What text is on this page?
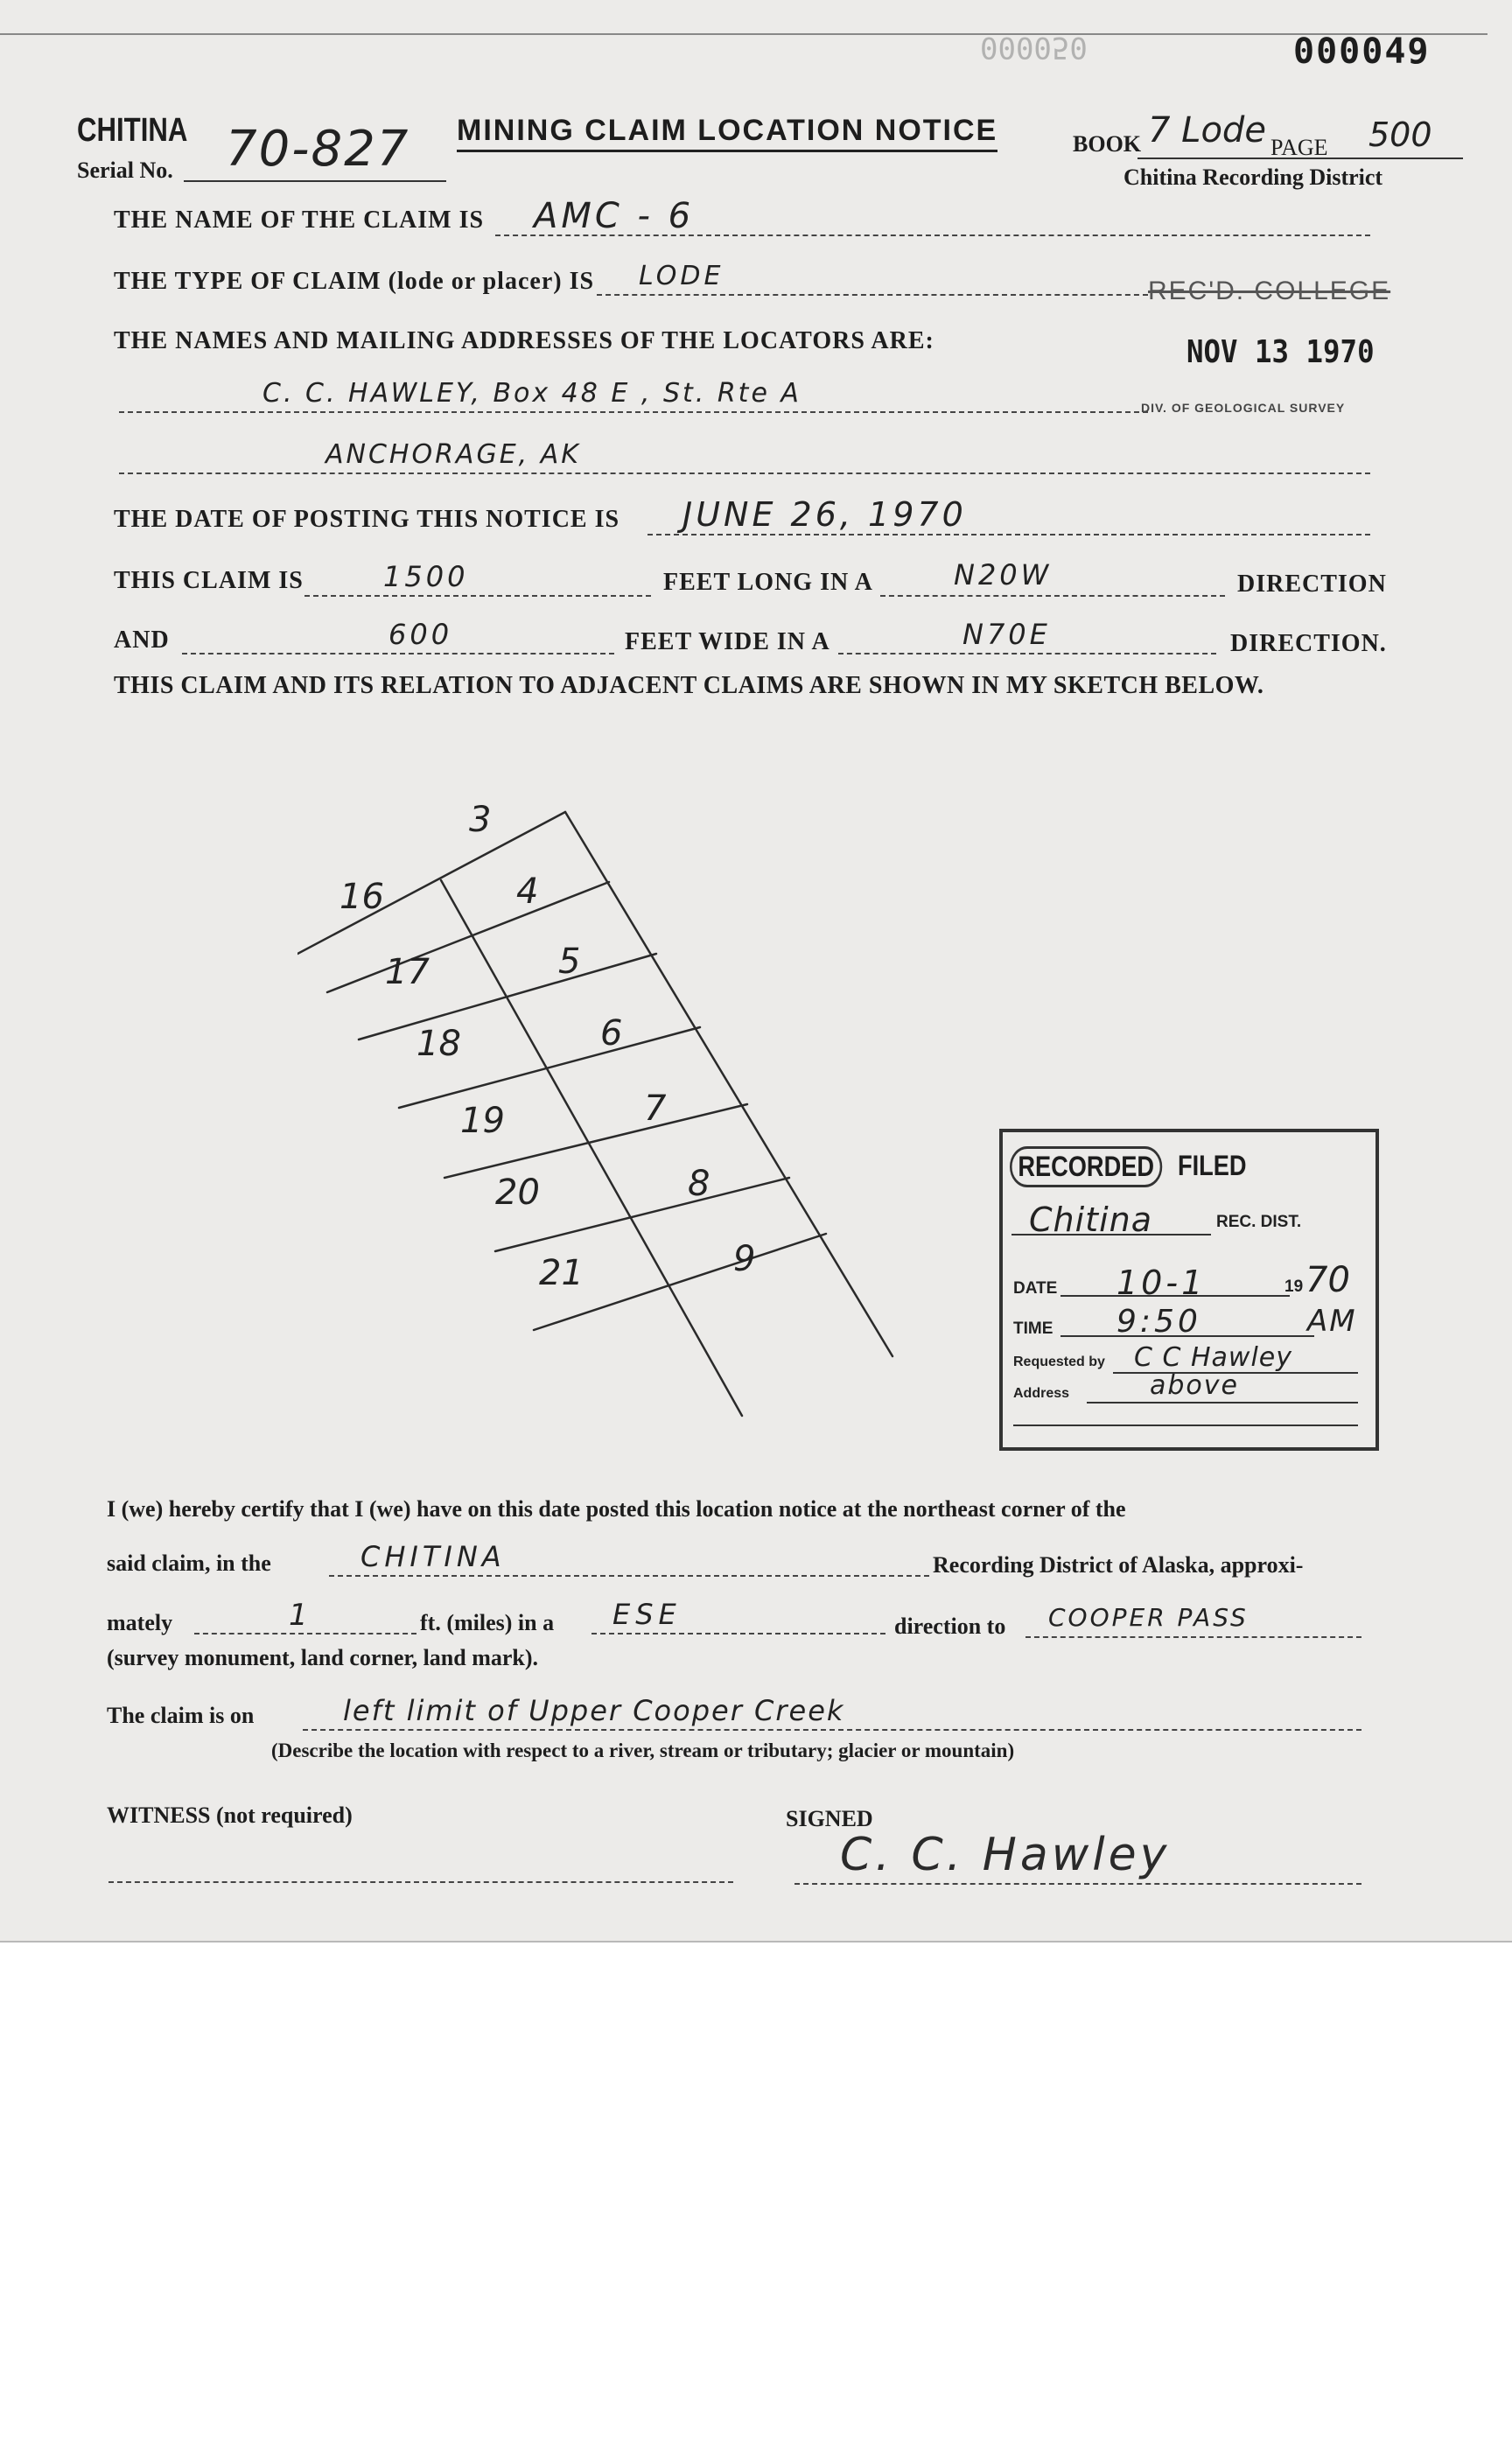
000050	000049
CHITINA
Serial No. 70-827 MINING CLAIM LOCATION NOTICE	BOOK 7 Lode PAGE 500
Chitina Recording District
REC'D. COLLEGE
NOV 13 1970
DIV. OF GEOLOGICAL SURVEY
THE NAME OF THE CLAIM IS AMC - 6
THE TYPE OF CLAIM (lode or placer) IS LODE
THE NAMES AND MAILING ADDRESSES OF THE LOCATORS ARE:
C. C. HAWLEY, Box 48 E , St. Rte A
ANCHORAGE, AK
THE DATE OF POSTING THIS NOTICE IS JUNE 26, 1970
THIS CLAIM IS	1500	FEET LONG IN A	N20W	DIRECTION
AND	600	FEET WIDE IN A	N70E	DIRECTION.
THIS CLAIM AND ITS RELATION TO ADJACENT CLAIMS ARE SHOWN IN MY SKETCH BELOW.
3
4
5
6
7
8
9
16
17
18
19
20
21
RECORDED FILED
Chitina	REC. DIST.
DATE 10-1	19 70
TIME 9:50	AM
Requested by C C Hawley
Address	above
I (we) hereby certify that I (we) have on this date posted this location notice at the northeast corner of the
said claim, in the	CHITINA	Recording District of Alaska, approxi-
mately	1	ft. (miles) in a ESE	direction to COOPER PASS
(survey monument, land corner, land mark).
The claim is on	left limit of Upper Cooper Creek
(Describe the location with respect to a river, stream or tributary; glacier or mountain)
WITNESS (not required)	SIGNED
C. C. Hawley
